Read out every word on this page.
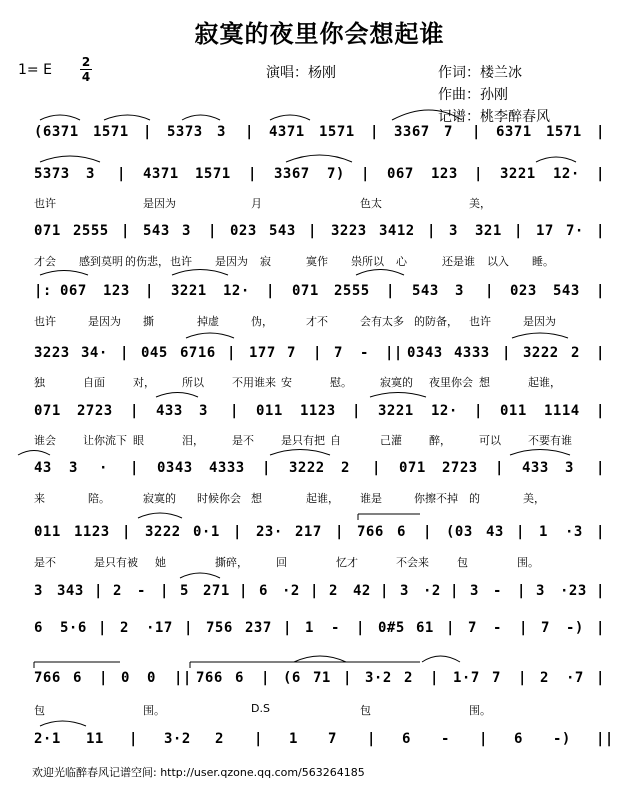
寂寞的夜里你会想起谁
1= E 2
4	演唱：杨刚	作词：楼兰冰
作曲：孙刚
记谱：桃李醉春风
(6371 1571 | 5373 3 | 4371 1571 | 3367 7 | 6371 1571 |
5373 3 | 4371 1571 | 3367 7) | 067 123 | 3221 12· |
071 2555 | 543 3 | 023 543 | 3223 3412 | 3 321 | 17 7· |
|: 067 123 | 3221 12· | 071 2555 | 543 3 | 023 543 |
3223 34· | 045 6716 | 177 7 | 7 - || 0343 4333 | 3222 2 |
071 2723 | 433 3 | 011 1123 | 3221 12· | 011 1114 |
43 3 · | 0343 4333 | 3222 2 | 071 2723 | 433 3 |
011 1123 | 3222 0·1 | 23· 217 | 766 6 | (03 43 | 1 ·3 |
3 343 | 2 - | 5 271 | 6 ·2 | 2 42 | 3 ·2 | 3 - | 3 ·23 |
6 5·6 | 2 ·17 | 756 237 | 1 - | 0#5 61 | 7 - | 7 -) |
766 6 | 0 0 || 766 6 | (6 71 | 3·2 2 | 1·7 7 | 2 ·7 |
2·1 11 | 3·2 2 | 1 7 | 6 - | 6 -) ||
也许	是因为	月	色太	美，
才会 感到莫明 的伤悲， 也许 是因为 寂	寞作 祟所以 心	还是谁 以入 睡。
也许	是因为 撕	掉虚	伪，	才不	会有太多 的防备， 也许	是因为
独	自面	对， 所以	不用谁来 安	慰。	寂寞的 夜里你会 想	起谁，
谁会 让你流下 眼	泪，	是不 是只有把 自	己灌 醉，	可以 不要有谁
来	陪。	寂寞的 时候你会 想	起谁， 谁是	你擦不掉 的	美，
是不	是只有被 她	撕碎，	回	忆才	不会来	包	围。
包	围。	D.S	包	围。
欢迎光临醉春风记谱空间: http://user.qzone.qq.com/563264185
